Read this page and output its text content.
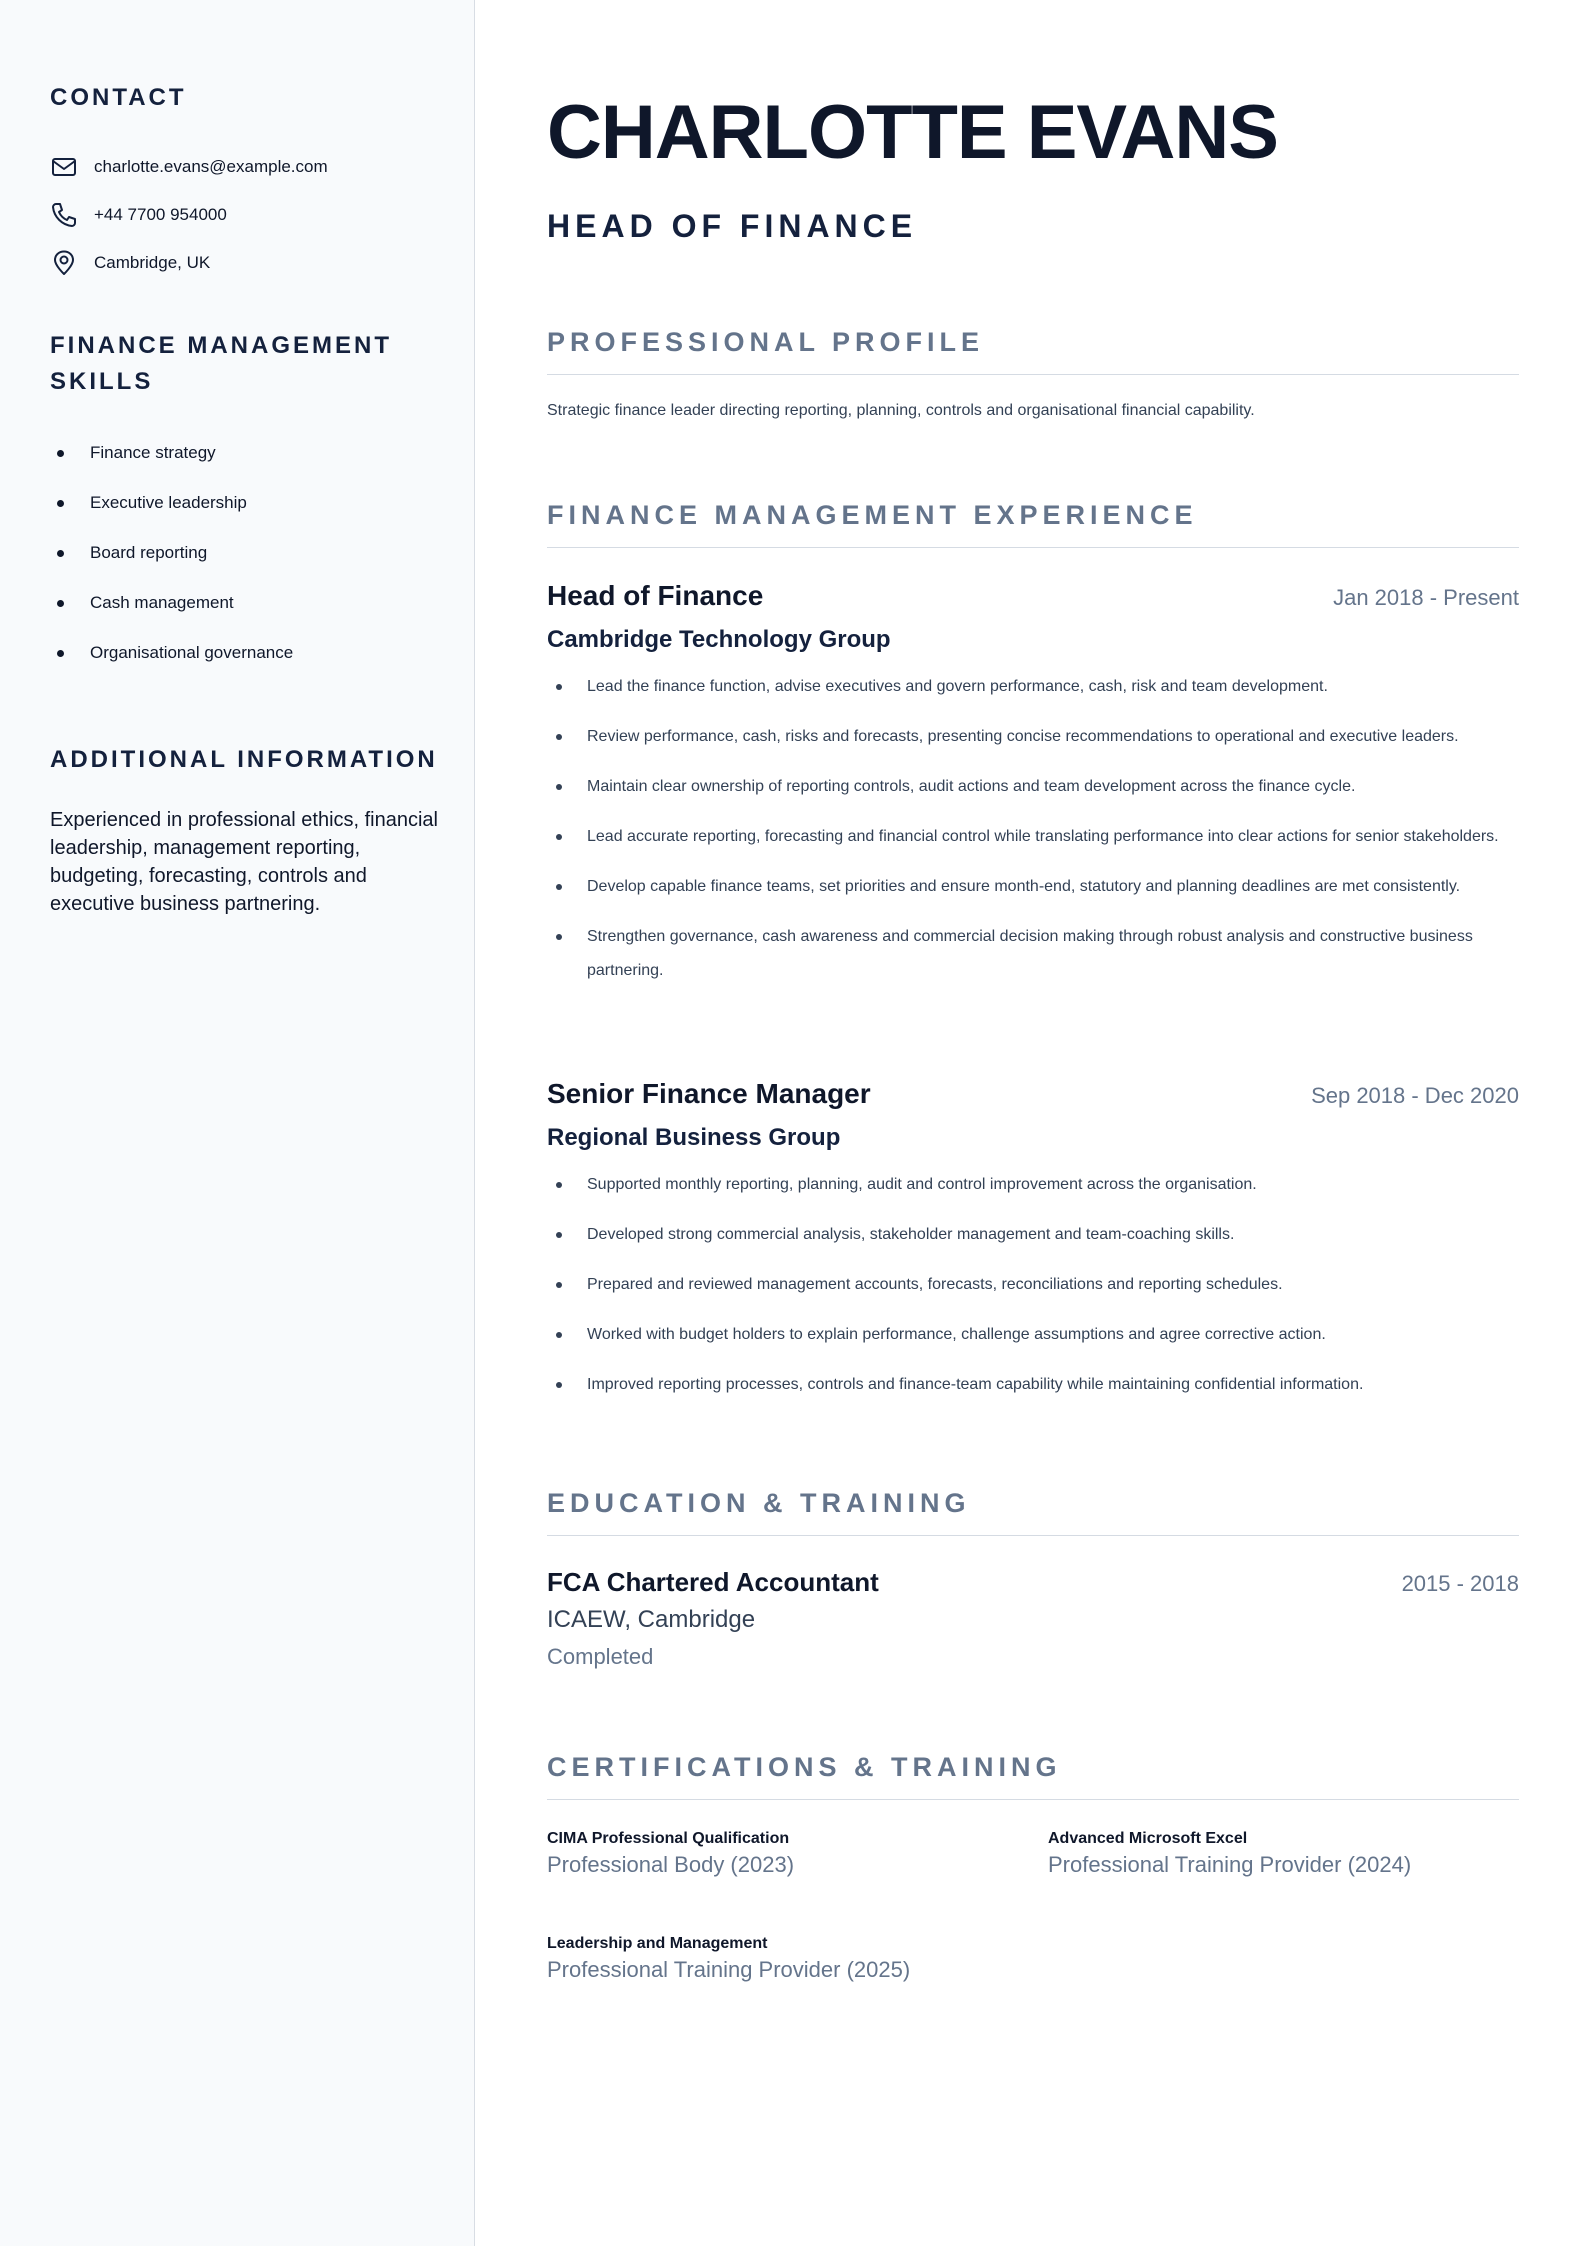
CONTACT
charlotte.evans@example.com
+44 7700 954000
Cambridge, UK
FINANCE MANAGEMENT SKILLS
Finance strategy
Executive leadership
Board reporting
Cash management
Organisational governance
ADDITIONAL INFORMATION

Experienced in professional ethics, financial leadership, management reporting, budgeting, forecasting, controls and executive business partnering.

CHARLOTTE EVANS
HEAD OF FINANCE
PROFESSIONAL PROFILE

Strategic finance leader directing reporting, planning, controls and organisational financial capability.

FINANCE MANAGEMENT EXPERIENCE
Head of Finance	Jan 2018 - Present
Cambridge Technology Group
Lead the finance function, advise executives and govern performance, cash, risk and team development.
Review performance, cash, risks and forecasts, presenting concise recommendations to operational and executive leaders.
Maintain clear ownership of reporting controls, audit actions and team development across the finance cycle.
Lead accurate reporting, forecasting and financial control while translating performance into clear actions for senior stakeholders.
Develop capable finance teams, set priorities and ensure month-end, statutory and planning deadlines are met consistently.
Strengthen governance, cash awareness and commercial decision making through robust analysis and constructive business partnering.
Senior Finance Manager	Sep 2018 - Dec 2020
Regional Business Group
Supported monthly reporting, planning, audit and control improvement across the organisation.
Developed strong commercial analysis, stakeholder management and team-coaching skills.
Prepared and reviewed management accounts, forecasts, reconciliations and reporting schedules.
Worked with budget holders to explain performance, challenge assumptions and agree corrective action.
Improved reporting processes, controls and finance-team capability while maintaining confidential information.
EDUCATION & TRAINING
FCA Chartered Accountant	2015 - 2018
ICAEW, Cambridge
Completed
CERTIFICATIONS & TRAINING
CIMA Professional Qualification
Professional Body (2023)
Advanced Microsoft Excel
Professional Training Provider (2024)
Leadership and Management
Professional Training Provider (2025)
